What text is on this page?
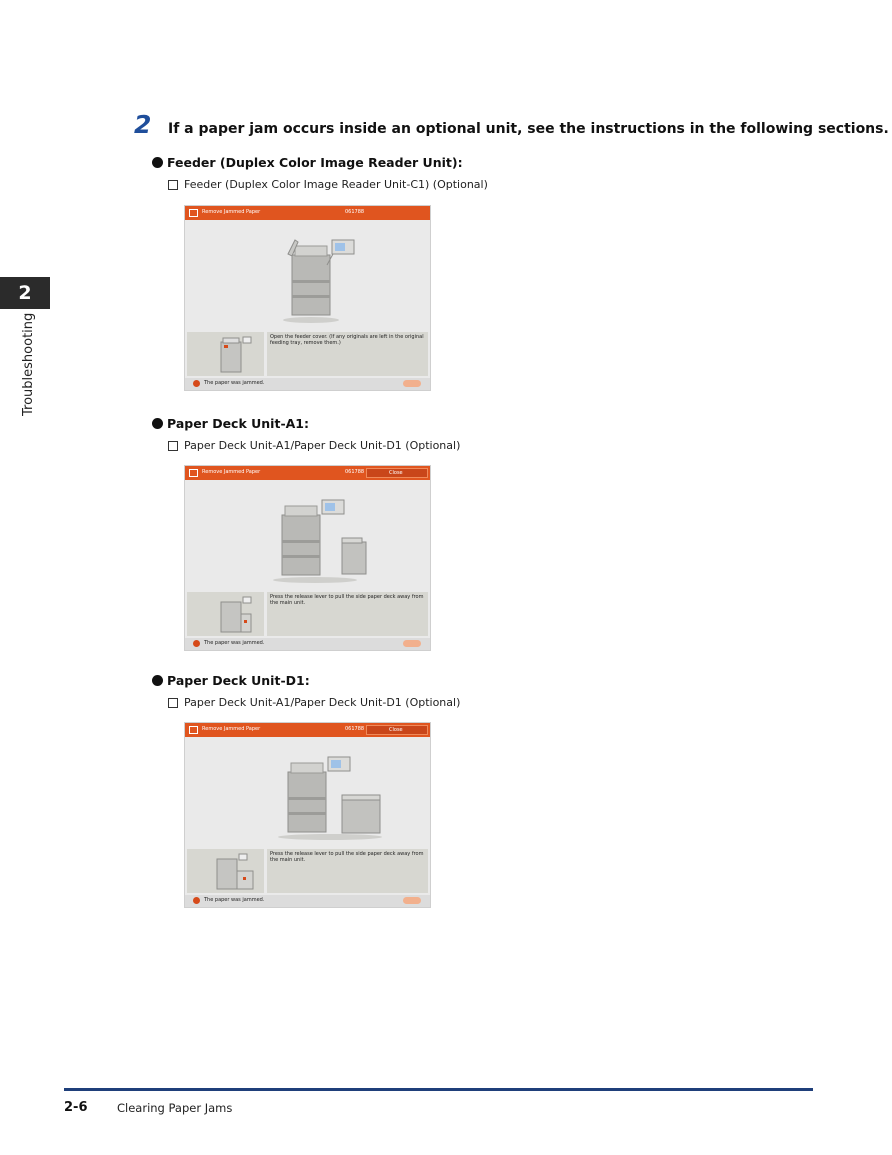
2
Troubleshooting
2 If a paper jam occurs inside an optional unit, see the instructions in the following sections.
Feeder (Duplex Color Image Reader Unit):
Feeder (Duplex Color Image Reader Unit-C1) (Optional)
Remove Jammed Paper	061788
Open the feeder cover. (If any originals are left in the original feeding tray, remove them.)
The paper was jammed.
Paper Deck Unit-A1:
Paper Deck Unit-A1/Paper Deck Unit-D1 (Optional)
Remove Jammed Paper	061788	Close
Press the release lever to pull the side paper deck away from the main unit.
The paper was jammed.
Paper Deck Unit-D1:
Paper Deck Unit-A1/Paper Deck Unit-D1 (Optional)
Remove Jammed Paper	061788	Close
Press the release lever to pull the side paper deck away from the main unit.
The paper was jammed.
2-6	Clearing Paper Jams
